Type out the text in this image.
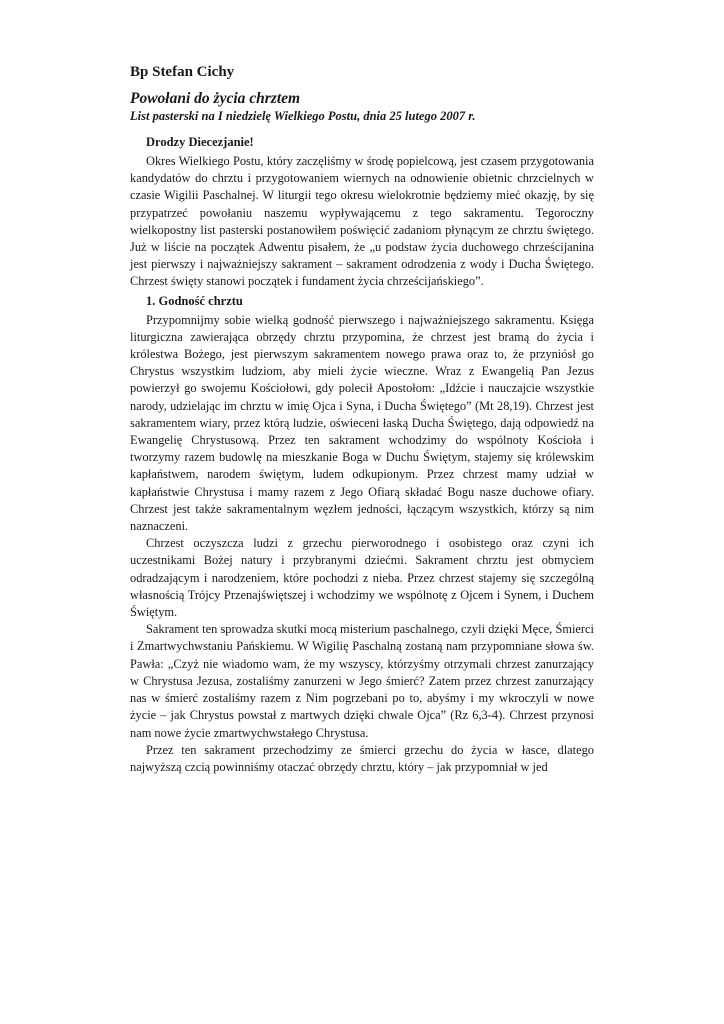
Bp Stefan Cichy
Powołani do życia chrztem
List pasterski na I niedzielę Wielkiego Postu, dnia 25 lutego 2007 r.
Drodzy Diecezjanie!

Okres Wielkiego Postu, który zaczęliśmy w środę popielcową, jest czasem przygotowania kandydatów do chrztu i przygotowaniem wiernych na odnowienie obietnic chrzcielnych w czasie Wigilii Paschalnej. W liturgii tego okresu wielokrotnie będziemy mieć okazję, by się przypatrzeć powołaniu naszemu wypływającemu z tego sakramentu. Tegoroczny wielkopostny list pasterski postanowiłem poświęcić zadaniom płynącym ze chrztu świętego. Już w liście na początek Adwentu pisałem, że „u podstaw życia duchowego chrześcijanina jest pierwszy i najważniejszy sakrament – sakrament odrodzenia z wody i Ducha Świętego. Chrzest święty stanowi początek i fundament życia chrześcijańskiego”.

1. Godność chrztu

Przypomnijmy sobie wielką godność pierwszego i najważniejszego sakramentu. Księga liturgiczna zawierająca obrzędy chrztu przypomina, że chrzest jest bramą do życia i królestwa Bożego, jest pierwszym sakramentem nowego prawa oraz to, że przyniósł go Chrystus wszystkim ludziom, aby mieli życie wieczne. Wraz z Ewangelią Pan Jezus powierzył go swojemu Kościołowi, gdy polecił Apostołom: „Idźcie i nauczajcie wszystkie narody, udzielając im chrztu w imię Ojca i Syna, i Ducha Świętego” (Mt 28,19). Chrzest jest sakramentem wiary, przez którą ludzie, oświeceni łaską Ducha Świętego, dają odpowiedź na Ewangelię Chrystusową. Przez ten sakrament wchodzimy do wspólnoty Kościoła i tworzymy razem budowlę na mieszkanie Boga w Duchu Świętym, stajemy się królewskim kapłaństwem, narodem świętym, ludem odkupionym. Przez chrzest mamy udział w kapłaństwie Chrystusa i mamy razem z Jego Ofiarą składać Bogu nasze duchowe ofiary. Chrzest jest także sakramentalnym węzłem jedności, łączącym wszystkich, którzy są nim naznaczeni.

Chrzest oczyszcza ludzi z grzechu pierworodnego i osobistego oraz czyni ich uczestnikami Bożej natury i przybranymi dziećmi. Sakrament chrztu jest obmyciem odradzającym i narodzeniem, które pochodzi z nieba. Przez chrzest stajemy się szczególną własnością Trójcy Przenajświętszej i wchodzimy we wspólnotę z Ojcem i Synem, i Duchem Świętym.

Sakrament ten sprowadza skutki mocą misterium paschalnego, czyli dzięki Męce, Śmierci i Zmartwychwstaniu Pańskiemu. W Wigilię Paschalną zostaną nam przypomniane słowa św. Pawła: „Czyż nie wiadomo wam, że my wszyscy, którzyśmy otrzymali chrzest zanurzający w Chrystusa Jezusa, zostaliśmy zanurzeni w Jego śmierć? Zatem przez chrzest zanurzający nas w śmierć zostaliśmy razem z Nim pogrzebani po to, abyśmy i my wkroczyli w nowe życie – jak Chrystus powstał z martwych dzięki chwale Ojca” (Rz 6,3-4). Chrzest przynosi nam nowe życie zmartwychwstałego Chrystusa.

Przez ten sakrament przechodzimy ze śmierci grzechu do życia w łasce, dlatego najwyższą czcią powinniśmy otaczać obrzędy chrztu, który – jak przypomniał w jed
